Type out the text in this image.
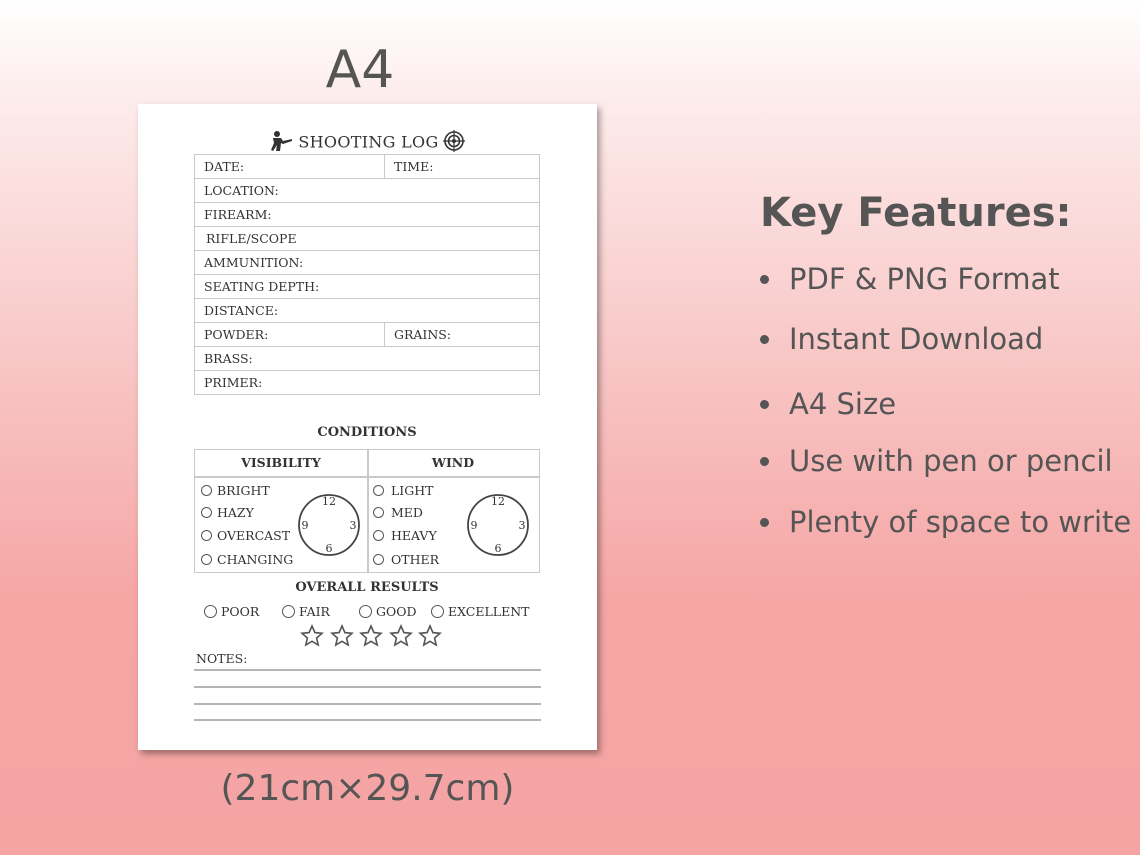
A4
SHOOTING LOG
DATE:	TIME:
LOCATION:	
FIREARM:	
RIFLE/SCOPE	
AMMUNITION:	
SEATING DEPTH:	
DISTANCE:	
POWDER:	GRAINS:
BRASS:	
PRIMER:	
CONDITIONS
VISIBILITY	WIND
BRIGHT
HAZY
OVERCAST
CHANGING
12
3
6
9
LIGHT
MED
HEAVY
OTHER
12
3
6
9
OVERALL RESULTS
POOR	FAIR	GOOD	EXCELLENT
NOTES:
(21cm×29.7cm)
Key Features:
PDF & PNG Format
Instant Download
A4 Size
Use with pen or pencil
Plenty of space to write
